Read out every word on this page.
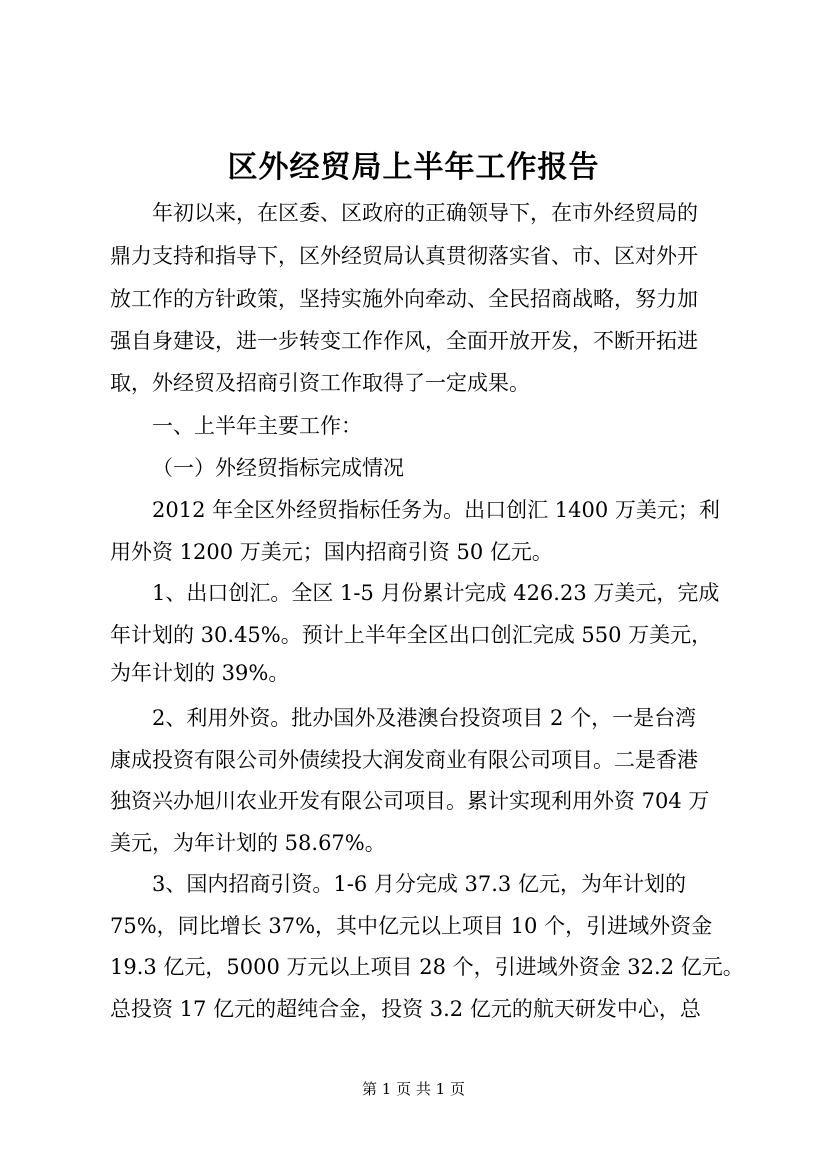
区外经贸局上半年工作报告
年初以来，在区委、区政府的正确领导下，在市外经贸局的
鼎力支持和指导下，区外经贸局认真贯彻落实省、市、区对外开
放工作的方针政策，坚持实施外向牵动、全民招商战略，努力加
强自身建设，进一步转变工作作风，全面开放开发，不断开拓进
取，外经贸及招商引资工作取得了一定成果。
一、上半年主要工作：
（一）外经贸指标完成情况
2012 年全区外经贸指标任务为。出口创汇 1400 万美元；利
用外资 1200 万美元；国内招商引资 50 亿元。
1、出口创汇。全区 1-5 月份累计完成 426.23 万美元，完成
年计划的 30.45%。预计上半年全区出口创汇完成 550 万美元，
为年计划的 39%。
2、利用外资。批办国外及港澳台投资项目 2 个，一是台湾
康成投资有限公司外债续投大润发商业有限公司项目。二是香港
独资兴办旭川农业开发有限公司项目。累计实现利用外资 704 万
美元，为年计划的 58.67%。
3、国内招商引资。1-6 月分完成 37.3 亿元，为年计划的
75%，同比增长 37%，其中亿元以上项目 10 个，引进域外资金
19.3 亿元，5000 万元以上项目 28 个，引进域外资金 32.2 亿元。
总投资 17 亿元的超纯合金，投资 3.2 亿元的航天研发中心，总
第 1 页 共 1 页
